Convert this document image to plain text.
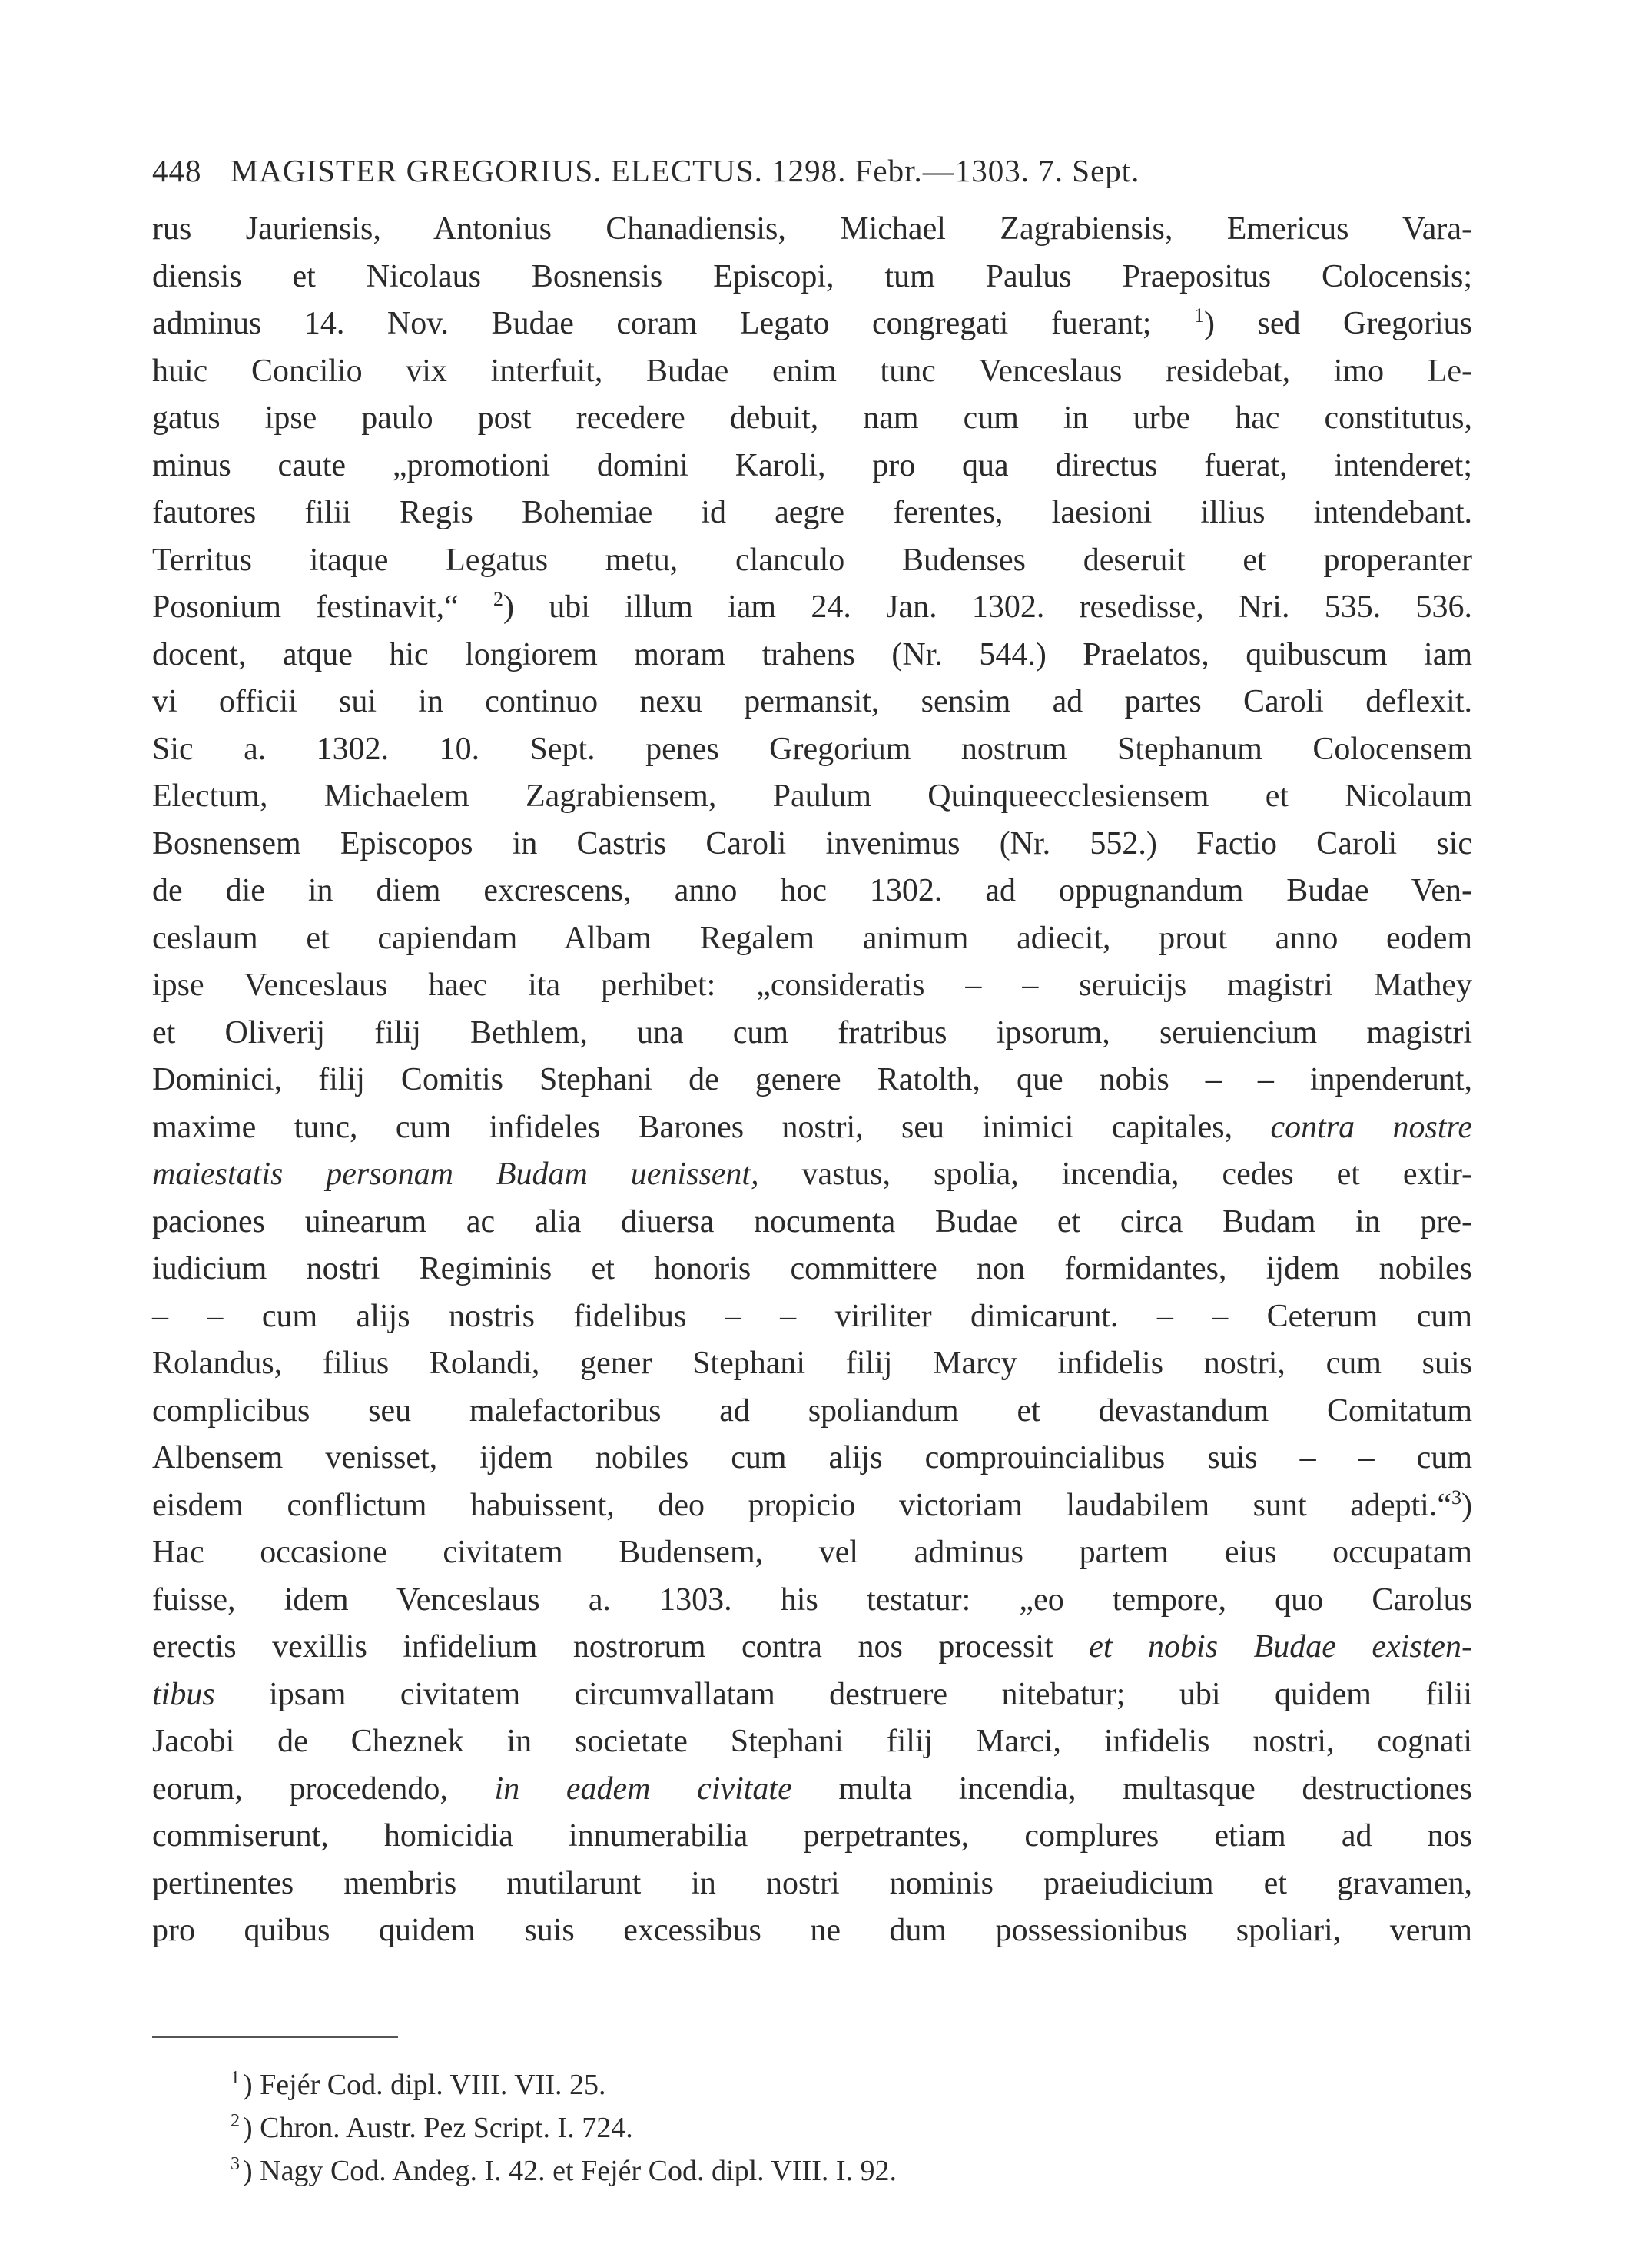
448 MAGISTER GREGORIUS. ELECTUS. 1298. Febr.—1303. 7. Sept.
rus Jauriensis, Antonius Chanadiensis, Michael Zagrabiensis, Emericus Vara-
diensis et Nicolaus Bosnensis Episcopi, tum Paulus Praepositus Colocensis;
adminus 14. Nov. Budae coram Legato congregati fuerant; $^1$) sed Gregorius
huic Concilio vix interfuit, Budae enim tunc Venceslaus residebat, imo Le-
gatus ipse paulo post recedere debuit, nam cum in urbe hac constitutus,
minus caute „promotioni domini Karoli, pro qua directus fuerat, intenderet;
fautores filii Regis Bohemiae id aegre ferentes, laesioni illius intendebant.
Territus itaque Legatus metu, clanculo Budenses deseruit et properanter
Posonium festinavit,“ $^2$) ubi illum iam 24. Jan. 1302. resedisse, Nri. 535. 536.
docent, atque hic longiorem moram trahens (Nr. 544.) Praelatos, quibuscum iam
vi officii sui in continuo nexu permansit, sensim ad partes Caroli deflexit.
Sic a. 1302. 10. Sept. penes Gregorium nostrum Stephanum Colocensem
Electum, Michaelem Zagrabiensem, Paulum Quinqueecclesiensem et Nicolaum
Bosnensem Episcopos in Castris Caroli invenimus (Nr. 552.) Factio Caroli sic
de die in diem excrescens, anno hoc 1302. ad oppugnandum Budae Ven-
ceslaum et capiendam Albam Regalem animum adiecit, prout anno eodem
ipse Venceslaus haec ita perhibet: „consideratis – – seruicijs magistri Mathey
et Oliverij filij Bethlem, una cum fratribus ipsorum, seruiencium magistri
Dominici, filij Comitis Stephani de genere Ratolth, que nobis – – inpenderunt,
maxime tunc, cum infideles Barones nostri, seu inimici capitales, contra nostre
maiestatis personam Budam uenissent, vastus, spolia, incendia, cedes et extir-
paciones uinearum ac alia diuersa nocumenta Budae et circa Budam in pre-
iudicium nostri Regiminis et honoris committere non formidantes, ijdem nobiles
– – cum alijs nostris fidelibus – – viriliter dimicarunt. – – Ceterum cum
Rolandus, filius Rolandi, gener Stephani filij Marcy infidelis nostri, cum suis
complicibus seu malefactoribus ad spoliandum et devastandum Comitatum
Albensem venisset, ijdem nobiles cum alijs comprouincialibus suis – – cum
eisdem conflictum habuissent, deo propicio victoriam laudabilem sunt adepti.“$^3$)
Hac occasione civitatem Budensem, vel adminus partem eius occupatam
fuisse, idem Venceslaus a. 1303. his testatur: „eo tempore, quo Carolus
erectis vexillis infidelium nostrorum contra nos processit et nobis Budae existen-
tibus ipsam civitatem circumvallatam destruere nitebatur; ubi quidem filii
Jacobi de Cheznek in societate Stephani filij Marci, infidelis nostri, cognati
eorum, procedendo, in eadem civitate multa incendia, multasque destructiones
commiserunt, homicidia innumerabilia perpetrantes, complures etiam ad nos
pertinentes membris mutilarunt in nostri nominis praeiudicium et gravamen,
pro quibus quidem suis excessibus ne dum possessionibus spoliari, verum
$^1$ ) Fejér Cod. dipl. VIII. VII. 25.
$^2$ ) Chron. Austr. Pez Script. I. 724.
$^3$ ) Nagy Cod. Andeg. I. 42. et Fejér Cod. dipl. VIII. I. 92.
